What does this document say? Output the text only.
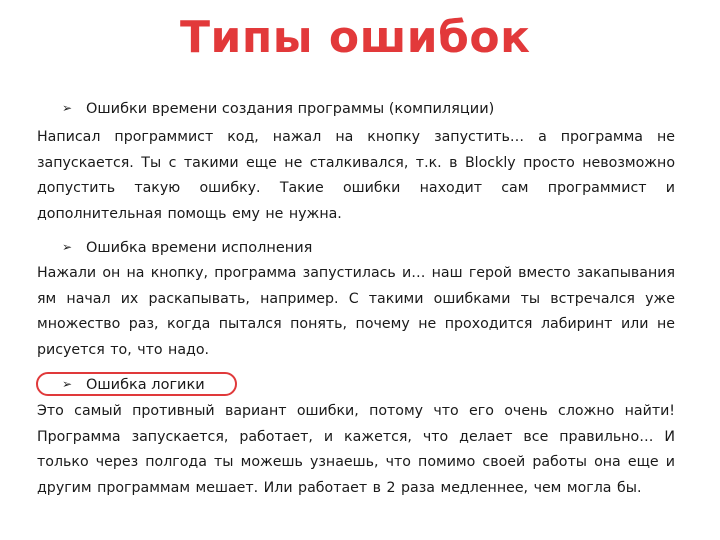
Типы ошибок
➢ Ошибки времени создания программы (компиляции)
Написал программист код, нажал на кнопку запустить… а программа не запускается. Ты с такими еще не сталкивался, т.к. в Blockly просто невозможно допустить такую ошибку. Такие ошибки находит сам программист и дополнительная помощь ему не нужна.
➢ Ошибка времени исполнения
Нажали он на кнопку, программа запустилась и… наш герой вместо закапывания ям начал их раскапывать, например. С такими ошибками ты встречался уже множество раз, когда пытался понять, почему не проходится лабиринт или не рисуется то, что надо.
➢ Ошибка логики
Это самый противный вариант ошибки, потому что его очень сложно найти! Программа запускается, работает, и кажется, что делает все правильно… И только через полгода ты можешь узнаешь, что помимо своей работы она еще и другим программам мешает. Или работает в 2 раза медленнее, чем могла бы.
